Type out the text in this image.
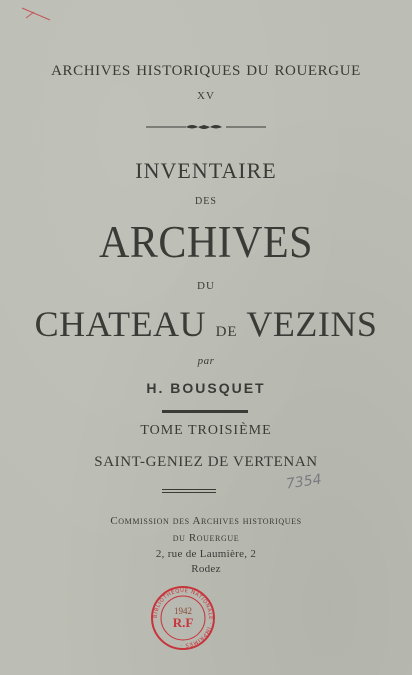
ARCHIVES HISTORIQUES DU ROUERGUE
XV
INVENTAIRE
DES
ARCHIVES
DU
CHATEAU DE VEZINS
par
H. BOUSQUET
TOME TROISIÈME
SAINT-GENIEZ DE VERTENAN
7354
Commission des Archives historiques
du Rouergue
2, rue de Laumière, 2
Rodez
BIBLIOTHÈQUE NATIONALE · IMPRIMÉS ·
1942
R.F
